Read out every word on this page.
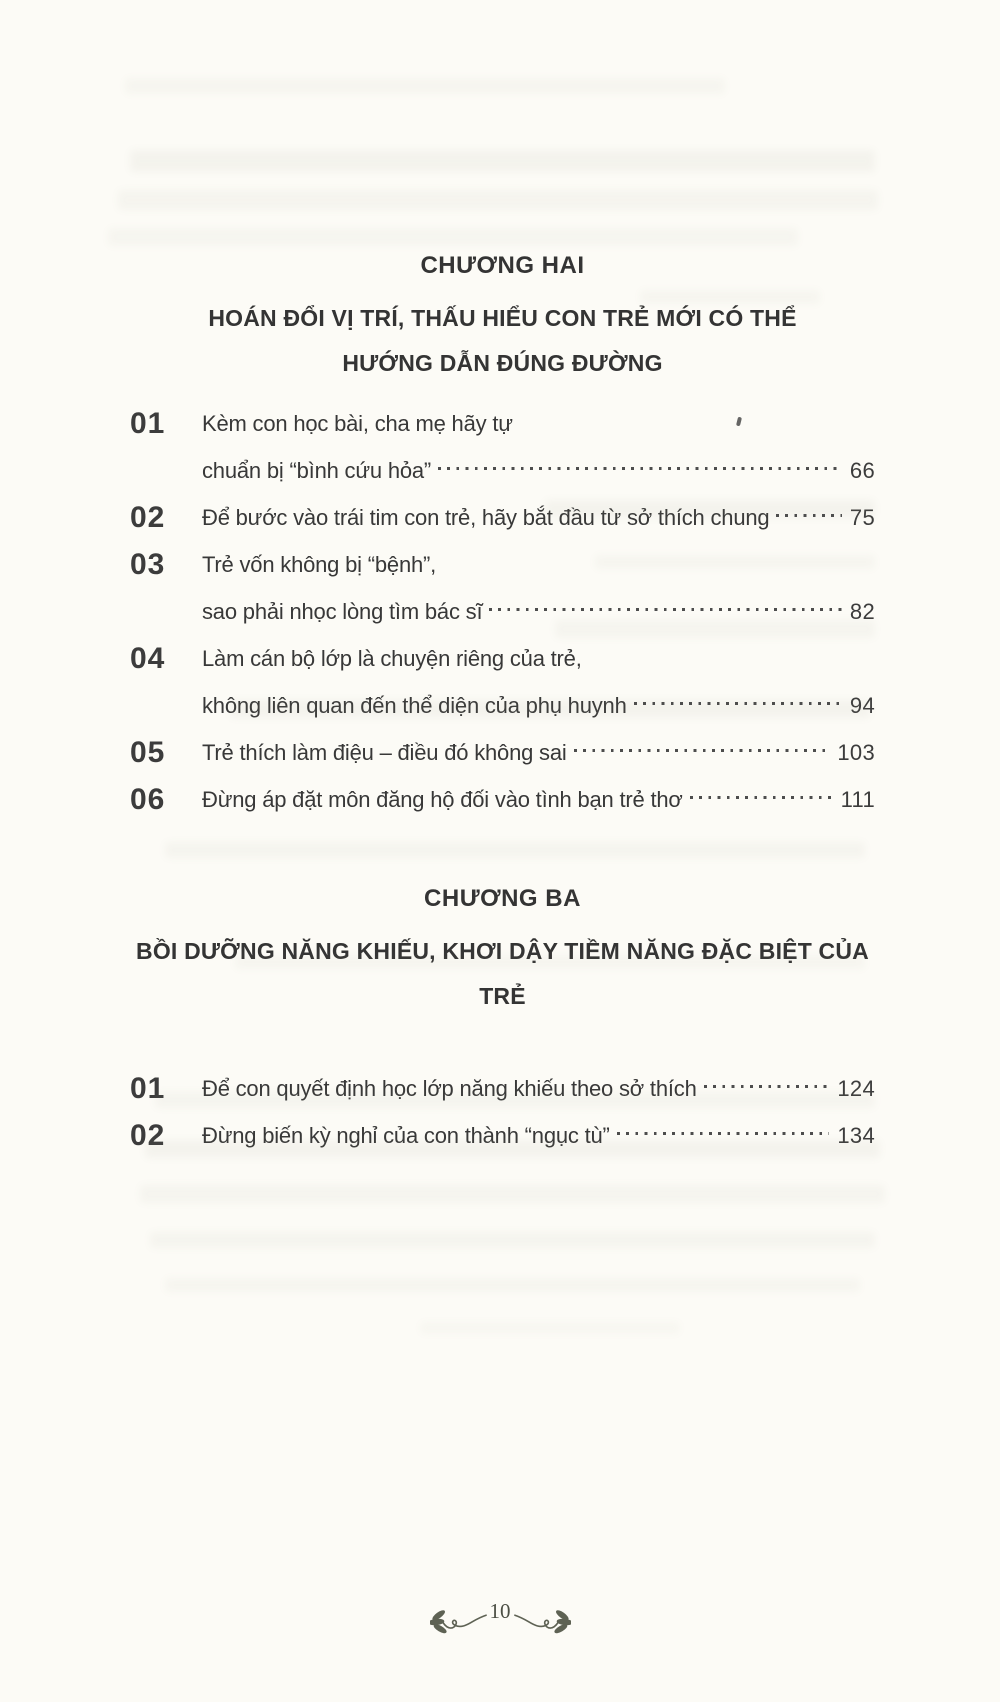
CHƯƠNG HAI
HOÁN ĐỔI VỊ TRÍ, THẤU HIỂU CON TRẺ MỚI CÓ THỂ
HƯỚNG DẪN ĐÚNG ĐƯỜNG
01	Kèm con học bài, cha mẹ hãy tự
chuẩn bị “bình cứu hỏa”	66
02	Để bước vào trái tim con trẻ, hãy bắt đầu từ sở thích chung	75
03	Trẻ vốn không bị “bệnh”,
sao phải nhọc lòng tìm bác sĩ	82
04	Làm cán bộ lớp là chuyện riêng của trẻ,
không liên quan đến thể diện của phụ huynh	94
05	Trẻ thích làm điệu – điều đó không sai	103
06	Đừng áp đặt môn đăng hộ đối vào tình bạn trẻ thơ	111
CHƯƠNG BA
BỒI DƯỠNG NĂNG KHIẾU, KHƠI DẬY TIỀM NĂNG ĐẶC BIỆT CỦA TRẺ
01	Để con quyết định học lớp năng khiếu theo sở thích	124
02	Đừng biến kỳ nghỉ của con thành “ngục tù”	134
10
